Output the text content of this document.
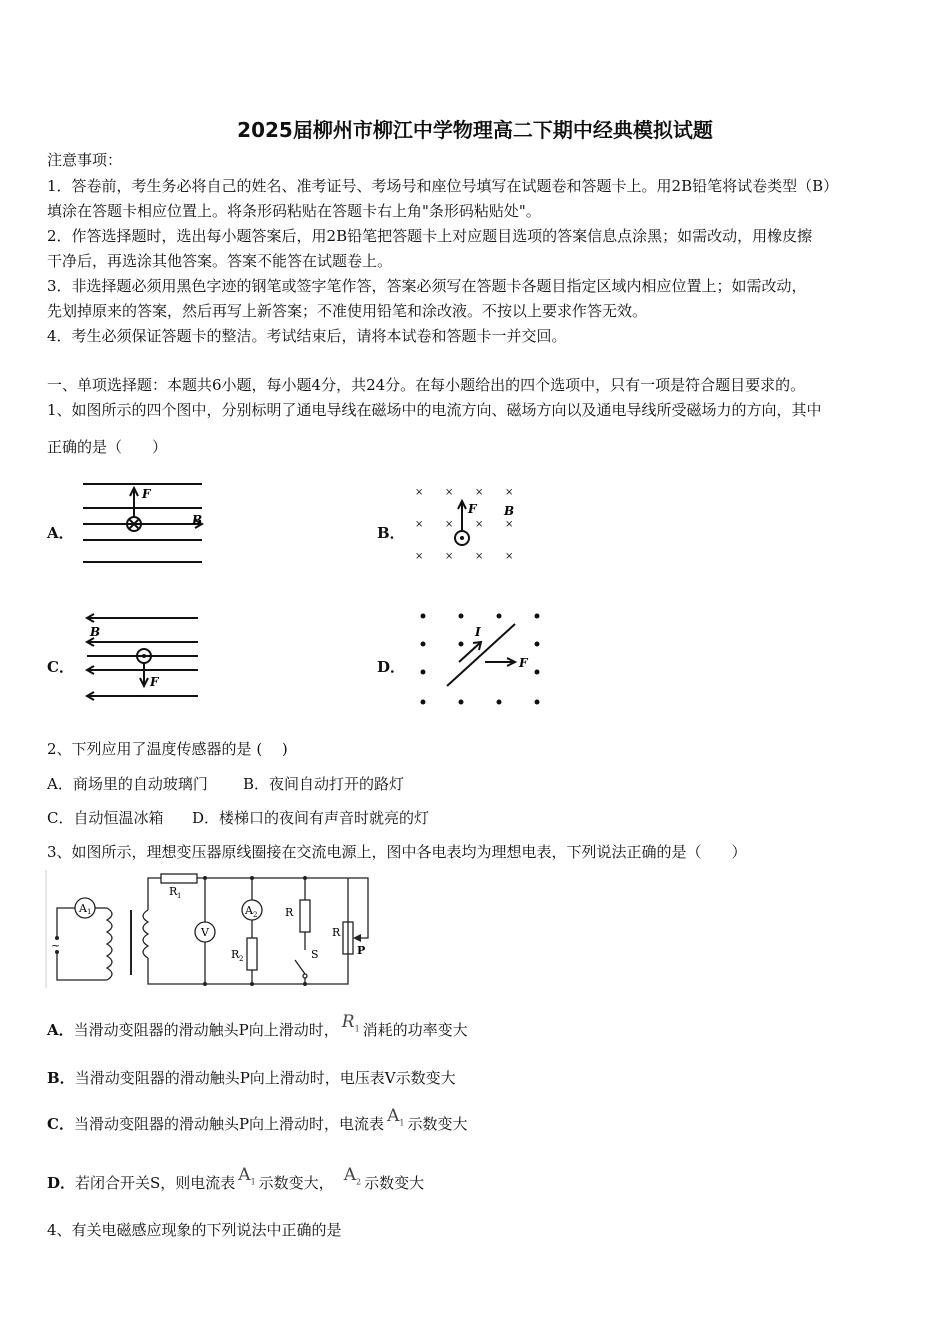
2025届柳州市柳江中学物理高二下期中经典模拟试题
注意事项：
1．答卷前，考生务必将自己的姓名、准考证号、考场号和座位号填写在试题卷和答题卡上。用2B铅笔将试卷类型（B）
填涂在答题卡相应位置上。将条形码粘贴在答题卡右上角"条形码粘贴处"。
2．作答选择题时，选出每小题答案后，用2B铅笔把答题卡上对应题目选项的答案信息点涂黑；如需改动，用橡皮擦
干净后，再选涂其他答案。答案不能答在试题卷上。
3．非选择题必须用黑色字迹的钢笔或签字笔作答，答案必须写在答题卡各题目指定区域内相应位置上；如需改动，
先划掉原来的答案，然后再写上新答案；不准使用铅笔和涂改液。不按以上要求作答无效。
4．考生必须保证答题卡的整洁。考试结束后，请将本试卷和答题卡一并交回。
一、单项选择题：本题共6小题，每小题4分，共24分。在每小题给出的四个选项中，只有一项是符合题目要求的。
1、如图所示的四个图中，分别标明了通电导线在磁场中的电流方向、磁场方向以及通电导线所受磁场力的方向，其中
正确的是（　　）
A．
F
B
B．
× × × ×
× × × ×
× × × ×
F B
C．
B
F
D．
I
F
2、下列应用了温度传感器的是 (　 )
A．商场里的自动玻璃门 B．夜间自动打开的路灯
C．自动恒温冰箱 D．楼梯口的夜间有声音时就亮的灯
3、如图所示，理想变压器原线圈接在交流电源上，图中各电表均为理想电表，下列说法正确的是（　　）
~
A 1
R 1
V
A 2
R 2
R
S
R
P
A．当滑动变阻器的滑动触头P向上滑动时， $R_1$ 消耗的功率变大
B．当滑动变阻器的滑动触头P向上滑动时，电压表V示数变大
C．当滑动变阻器的滑动触头P向上滑动时，电流表 $A_1$ 示数变大
D．若闭合开关S，则电流表 $A_1$ 示数变大， $A_2$ 示数变大
4、有关电磁感应现象的下列说法中正确的是
